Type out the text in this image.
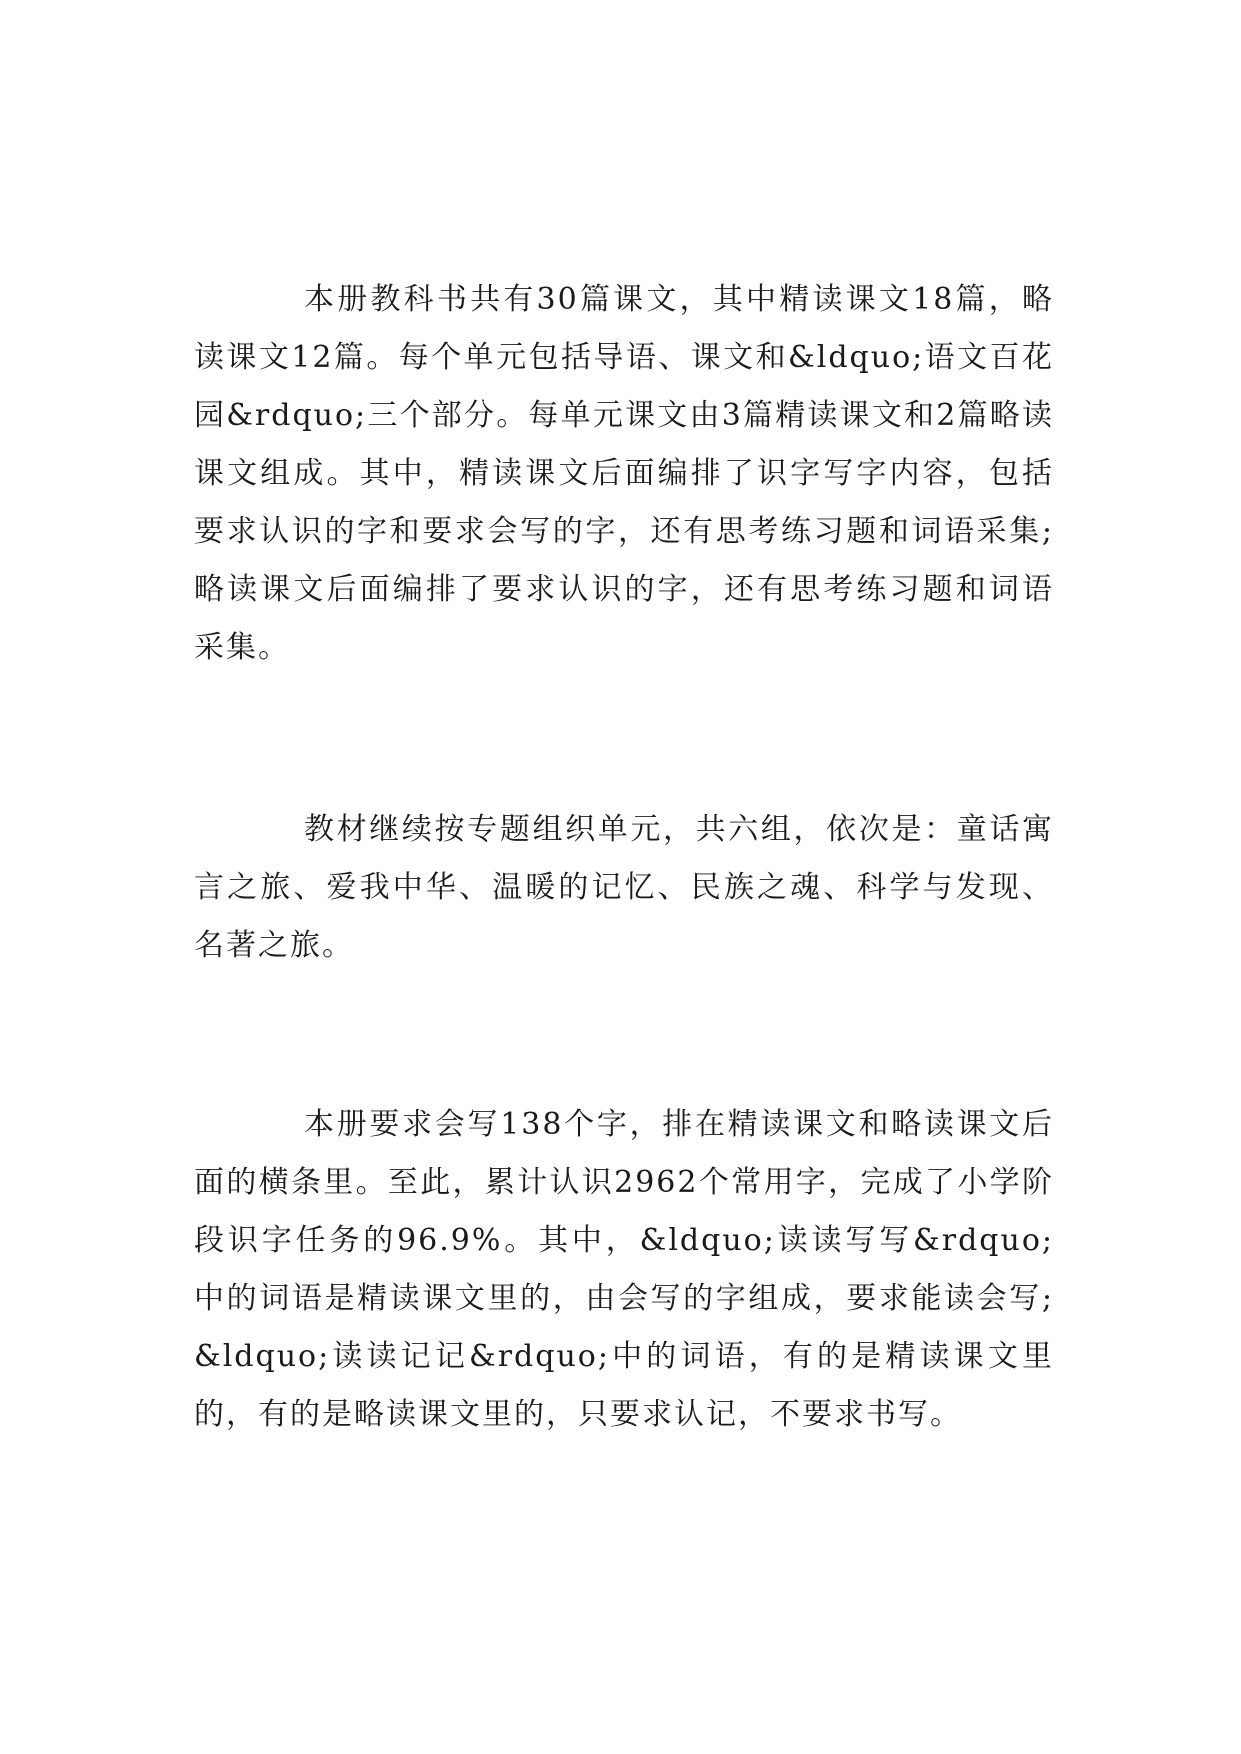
本册教科书共有30篇课文，其中精读课文18篇，略读课文12篇。每个单元包括导语、课文和&ldquo;语文百花园&rdquo;三个部分。每单元课文由3篇精读课文和2篇略读课文组成。其中，精读课文后面编排了识字写字内容，包括要求认识的字和要求会写的字，还有思考练习题和词语采集;略读课文后面编排了要求认识的字，还有思考练习题和词语采集。

教材继续按专题组织单元，共六组，依次是：童话寓言之旅、爱我中华、温暖的记忆、民族之魂、科学与发现、名著之旅。

本册要求会写138个字，排在精读课文和略读课文后面的横条里。至此，累计认识2962个常用字，完成了小学阶段识字任务的96.9%。其中，&ldquo;读读写写&rdquo;中的词语是精读课文里的，由会写的字组成，要求能读会写;&ldquo;读读记记&rdquo;中的词语，有的是精读课文里的，有的是略读课文里的，只要求认记，不要求书写。
